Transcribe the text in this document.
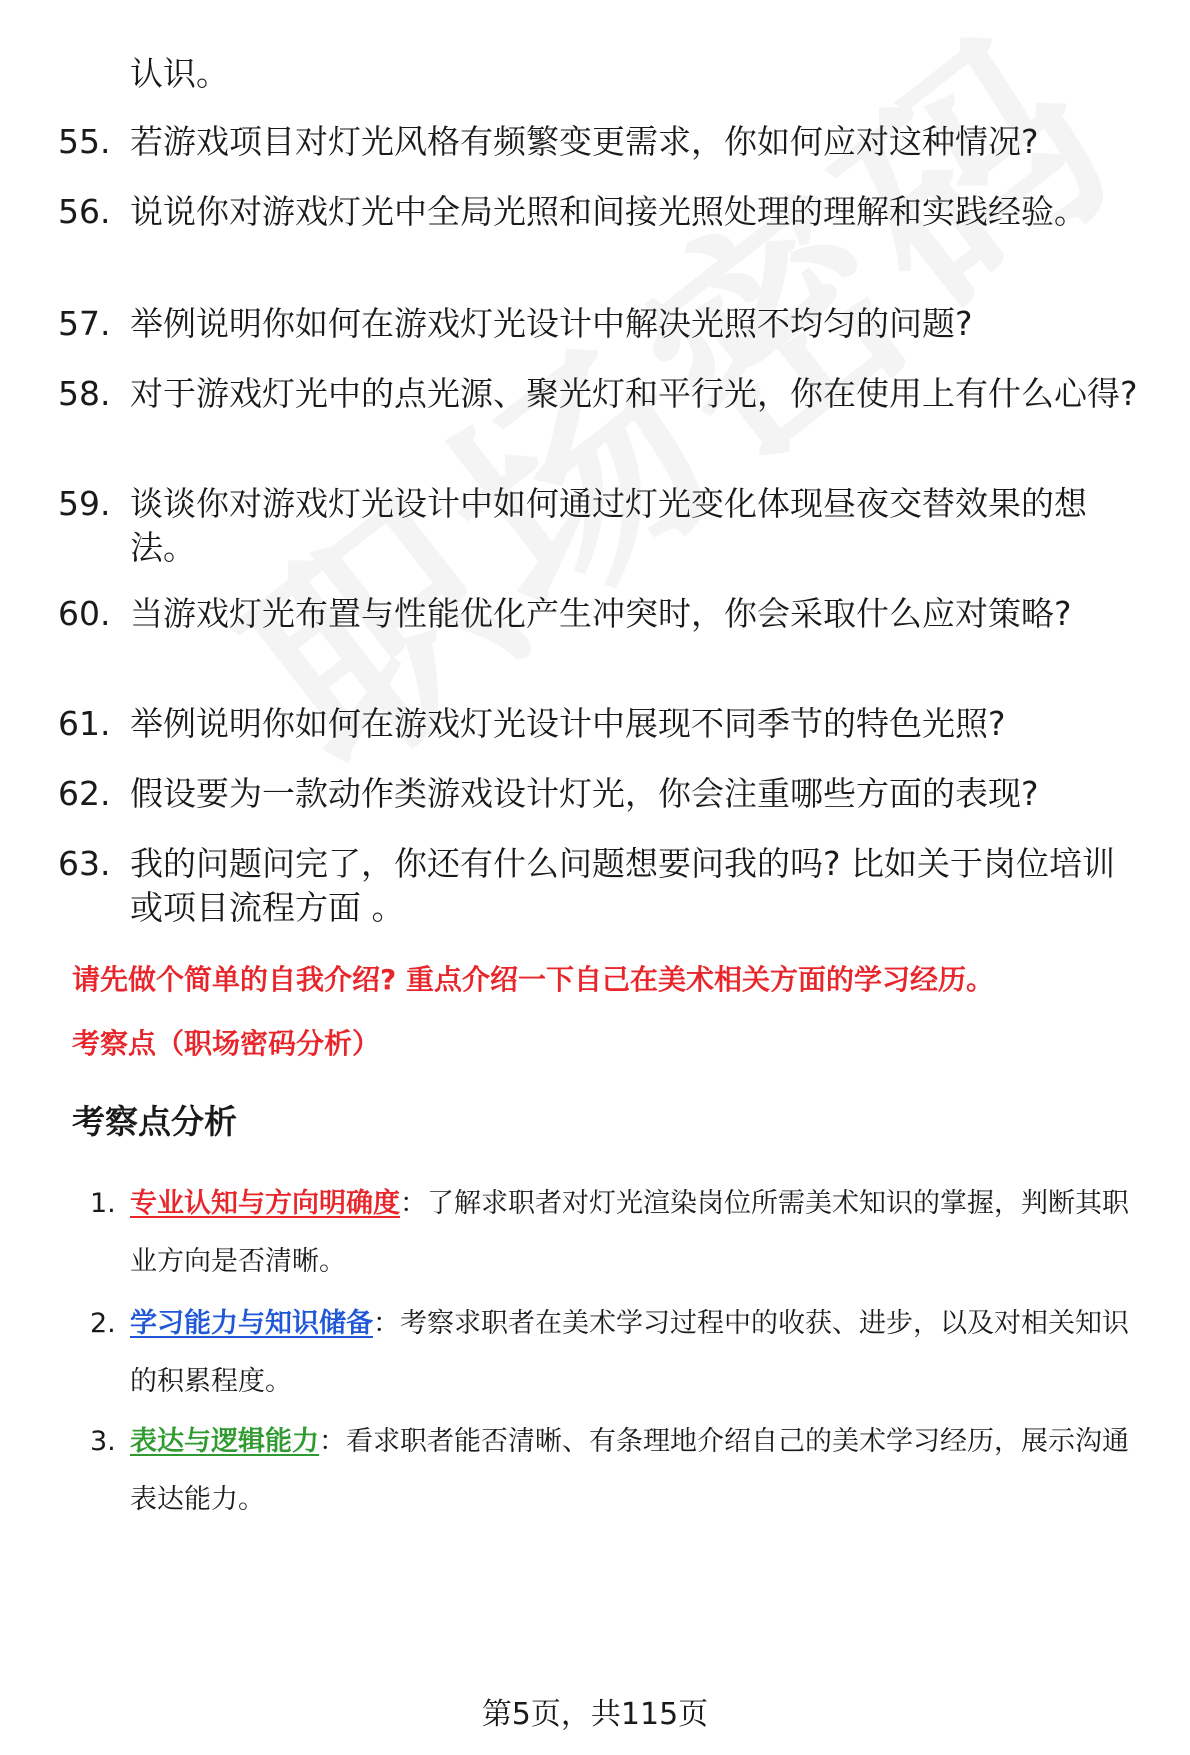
认识。
55. 若游戏项目对灯光风格有频繁变更需求，你如何应对这种情况?
56. 说说你对游戏灯光中全局光照和间接光照处理的理解和实践经验。
57. 举例说明你如何在游戏灯光设计中解决光照不均匀的问题?
58. 对于游戏灯光中的点光源、聚光灯和平行光，你在使用上有什么心得?
59. 谈谈你对游戏灯光设计中如何通过灯光变化体现昼夜交替效果的想法。
60. 当游戏灯光布置与性能优化产生冲突时，你会采取什么应对策略?
61. 举例说明你如何在游戏灯光设计中展现不同季节的特色光照?
62. 假设要为一款动作类游戏设计灯光，你会注重哪些方面的表现?
63. 我的问题问完了，你还有什么问题想要问我的吗? 比如关于岗位培训或项目流程方面 。
请先做个简单的自我介绍? 重点介绍一下自己在美术相关方面的学习经历。
考察点（职场密码分析）
考察点分析
1. 专业认知与方向明确度：了解求职者对灯光渲染岗位所需美术知识的掌握，判断其职业方向是否清晰。
2. 学习能力与知识储备：考察求职者在美术学习过程中的收获、进步，以及对相关知识的积累程度。
3. 表达与逻辑能力：看求职者能否清晰、有条理地介绍自己的美术学习经历，展示沟通表达能力。
第5页，共115页
